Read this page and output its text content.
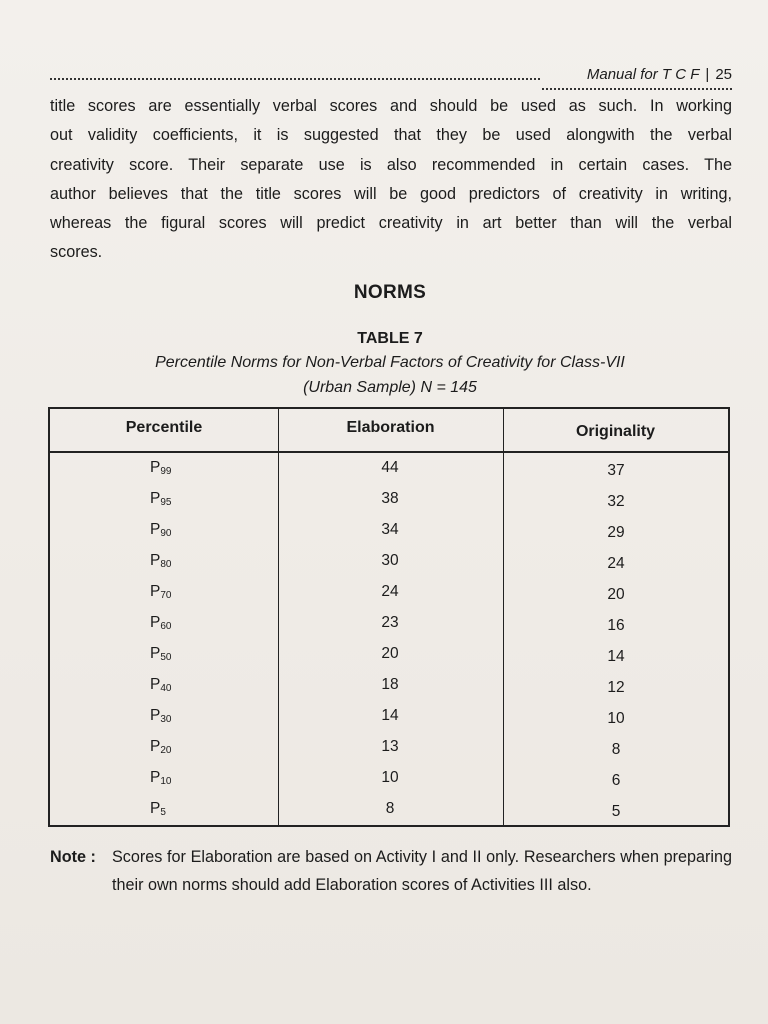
Manual for T C F | 25
title scores are essentially verbal scores and should be used as such. In working
out validity coefficients, it is suggested that they be used alongwith the verbal
creativity score. Their separate use is also recommended in certain cases. The
author believes that the title scores will be good predictors of creativity in writing,
whereas the figural scores will predict creativity in art better than will the verbal
scores.
NORMS
TABLE 7
Percentile Norms for Non-Verbal Factors of Creativity for Class-VII
(Urban Sample) N = 145
Percentile	Elaboration	Originality
$P_{99}$	44	37
$P_{95}$	38	32
$P_{90}$	34	29
$P_{80}$	30	24
$P_{70}$	24	20
$P_{60}$	23	16
$P_{50}$	20	14
$P_{40}$	18	12
$P_{30}$	14	10
$P_{20}$	13	8
$P_{10}$	10	6
$P_5$	8	5
Note : Scores for Elaboration are based on Activity I and II only. Researchers when preparing their own norms should add Elaboration scores of Activities III also.
